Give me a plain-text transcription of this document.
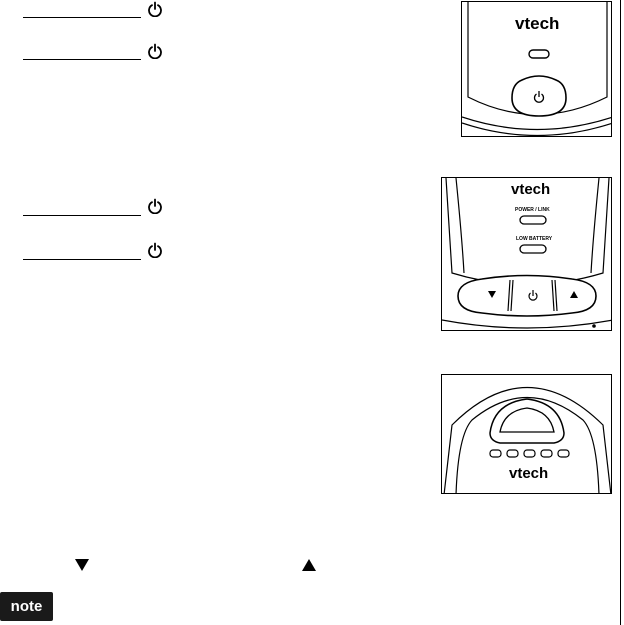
vtech
vtech
POWER / LINK
LOW BATTERY
vtech
note
